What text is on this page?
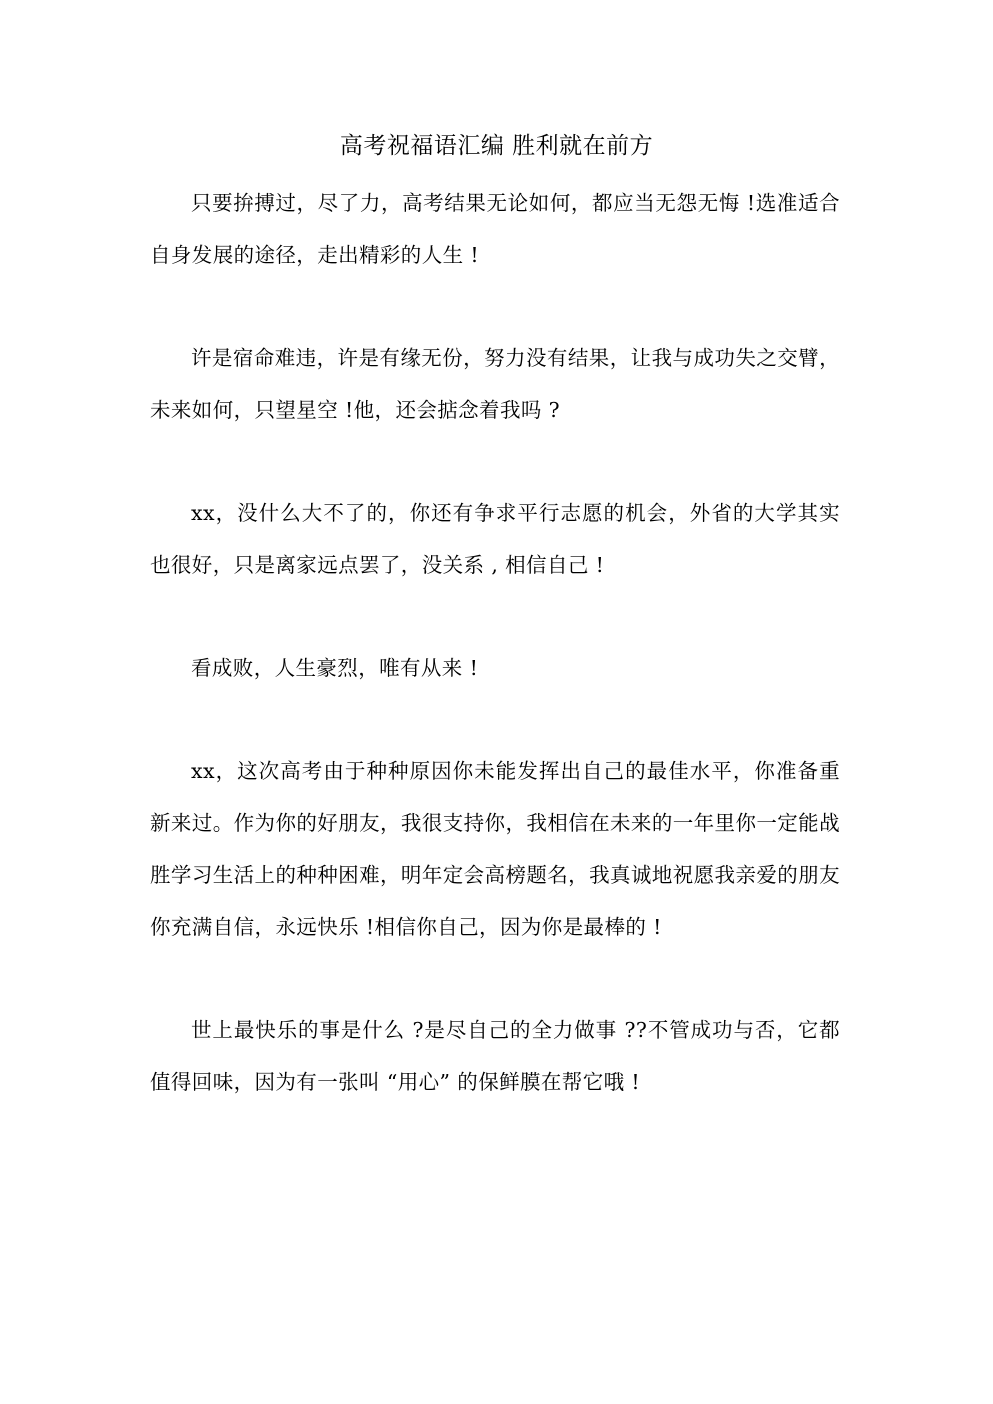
高考祝福语汇编 胜利就在前方

只要拚搏过，尽了力，高考结果无论如何，都应当无怨无悔 !选准适合自身发展的途径，走出精彩的人生 !

许是宿命难违，许是有缘无份，努力没有结果，让我与成功失之交臂，未来如何，只望星空 !他，还会掂念着我吗 ?

xx，没什么大不了的，你还有争求平行志愿的机会，外省的大学其实也很好，只是离家远点罢了，没关系 , 相信自己 !

看成败，人生豪烈，唯有从来 !

xx，这次高考由于种种原因你未能发挥出自己的最佳水平，你准备重新来过。作为你的好朋友，我很支持你，我相信在未来的一年里你一定能战胜学习生活上的种种困难，明年定会高榜题名，我真诚地祝愿我亲爱的朋友你充满自信，永远快乐 !相信你自己，因为你是最棒的 !

世上最快乐的事是什么 ?是尽自己的全力做事 ??不管成功与否，它都值得回味，因为有一张叫 “用心” 的保鲜膜在帮它哦 !
